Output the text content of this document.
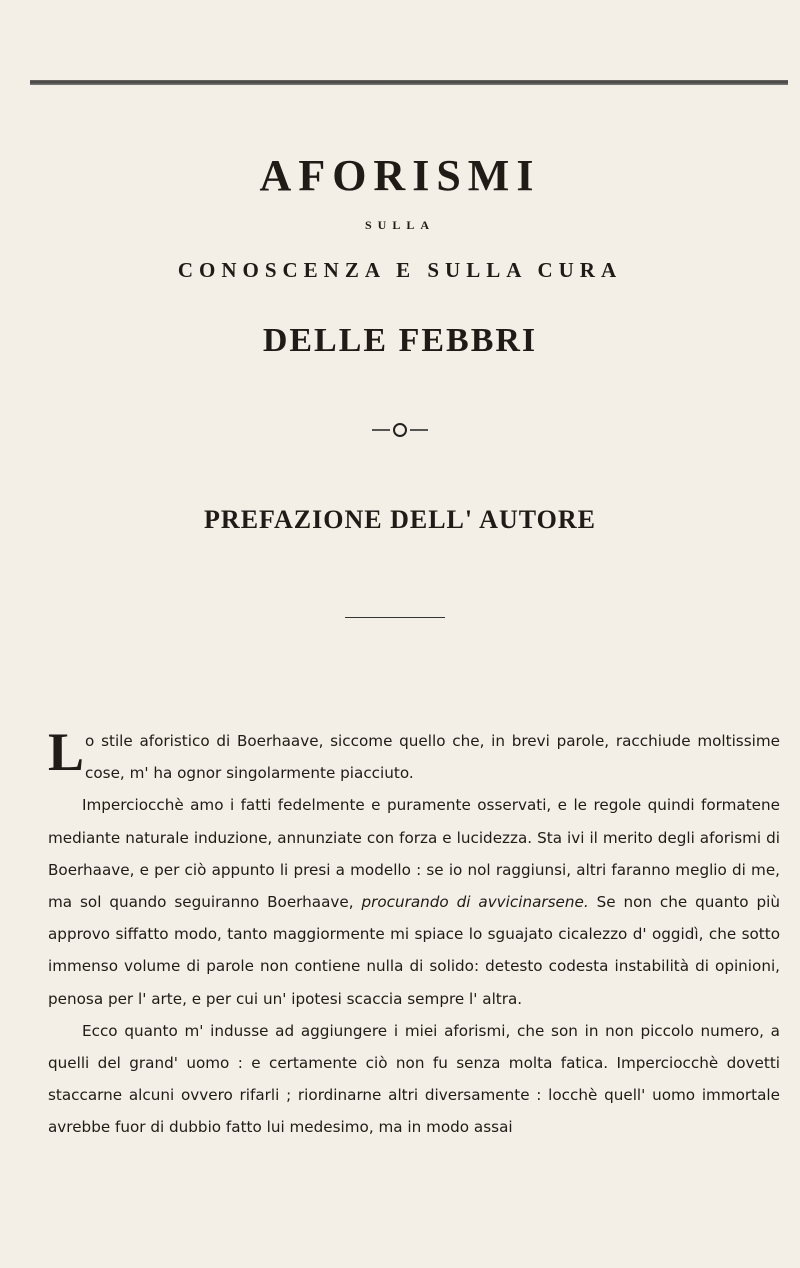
AFORISMI
SULLA
CONOSCENZA E SULLA CURA
DELLE FEBBRI
PREFAZIONE DELL' AUTORE

Lo stile aforistico di Boerhaave, siccome quello che, in brevi parole, racchiude moltissime cose, m' ha ognor singolarmente piacciuto.

Imperciocchè amo i fatti fedelmente e puramente osservati, e le regole quindi formatene mediante naturale induzione, annunziate con forza e lucidezza. Sta ivi il merito degli aforismi di Boerhaave, e per ciò appunto li presi a modello : se io nol raggiunsi, altri faranno meglio di me, ma sol quando seguiranno Boerhaave, procurando di avvicinarsene. Se non che quanto più approvo siffatto modo, tanto maggiormente mi spiace lo sguajato cicalezzo d' oggidì, che sotto immenso volume di parole non contiene nulla di solido: detesto codesta instabilità di opinioni, penosa per l' arte, e per cui un' ipotesi scaccia sempre l' altra.

Ecco quanto m' indusse ad aggiungere i miei aforismi, che son in non piccolo numero, a quelli del grand' uomo : e certamente ciò non fu senza molta fatica. Imperciocchè dovetti staccarne alcuni ovvero rifarli ; riordinarne altri diversamente : locchè quell' uomo immortale avrebbe fuor di dubbio fatto lui medesimo, ma in modo assai
